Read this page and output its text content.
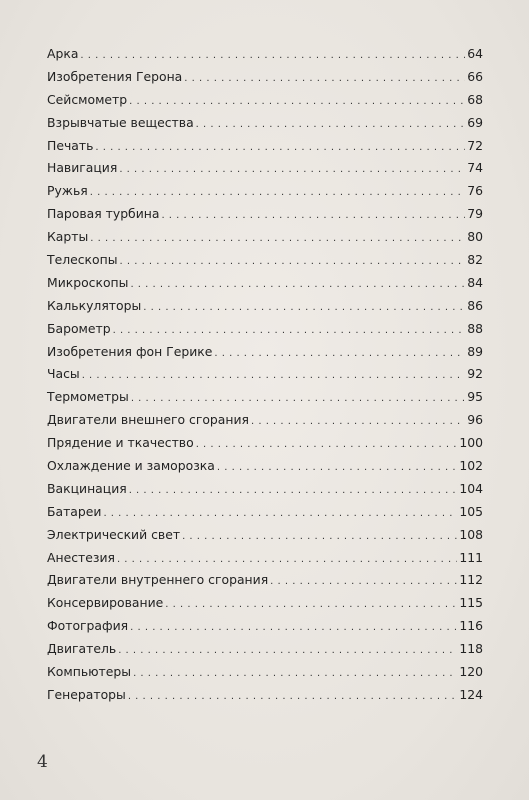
Арка . . .	64
Изобретения Герона . . .	66
Сейсмометр . . .	68
Взрывчатые вещества . . .	69
Печать . . .	72
Навигация . . .	74
Ружья . . .	76
Паровая турбина . . .	79
Карты . . .	80
Телескопы . . .	82
Микроскопы . . .	84
Калькуляторы . . .	86
Барометр . . .	88
Изобретения фон Герике . . .	89
Часы . . .	92
Термометры . . .	95
Двигатели внешнего сгорания . . .	96
Прядение и ткачество . . .	100
Охлаждение и заморозка . . .	102
Вакцинация . . .	104
Батареи . . .	105
Электрический свет . . .	108
Анестезия . . .	111
Двигатели внутреннего сгорания . . .	112
Консервирование . . .	115
Фотография . . .	116
Двигатель . . .	118
Компьютеры . . .	120
Генераторы . . .	124
4
